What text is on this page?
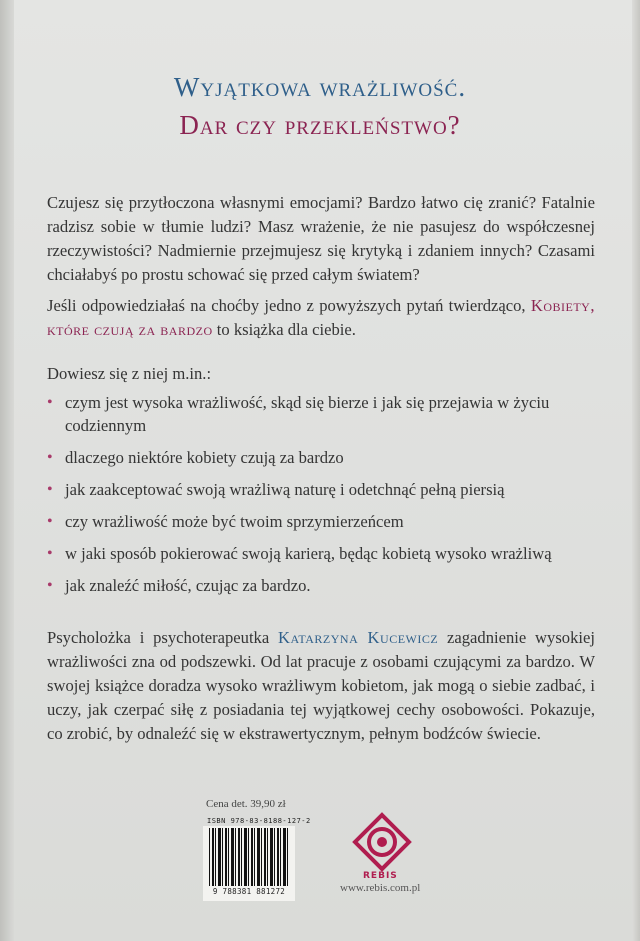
Wyjątkowa wrażliwość.
Dar czy przekleństwo?
Czujesz się przytłoczona własnymi emocjami? Bardzo łatwo cię zranić? Fatalnie radzisz sobie w tłumie ludzi? Masz wrażenie, że nie pasujesz do współczesnej rzeczywistości? Nadmiernie przejmujesz się krytyką i zdaniem innych? Czasami chciałabyś po prostu schować się przed całym światem?
Jeśli odpowiedziałaś na choćby jedno z powyższych pytań twierdząco, Kobiety, które czują za bardzo to książka dla ciebie.
Dowiesz się z niej m.in.:
• czym jest wysoka wrażliwość, skąd się bierze i jak się przejawia w życiu codziennym
• dlaczego niektóre kobiety czują za bardzo
• jak zaakceptować swoją wrażliwą naturę i odetchnąć pełną piersią
• czy wrażliwość może być twoim sprzymierzeńcem
• w jaki sposób pokierować swoją karierą, będąc kobietą wysoko wrażliwą
• jak znaleźć miłość, czując za bardzo.
Psycholożka i psychoterapeutka Katarzyna Kucewicz zagadnienie wysokiej wrażliwości zna od podszewki. Od lat pracuje z osobami czującymi za bardzo. W swojej książce doradza wysoko wrażliwym kobietom, jak mogą o siebie zadbać, i uczy, jak czerpać siłę z posiadania tej wyjątkowej cechy osobowości. Pokazuje, co zrobić, by odnaleźć się w ekstrawertycznym, pełnym bodźców świecie.
Cena det. 39,90 zł
ISBN 978-83-8188-127-2
9 788381 881272
REBIS
www.rebis.com.pl
